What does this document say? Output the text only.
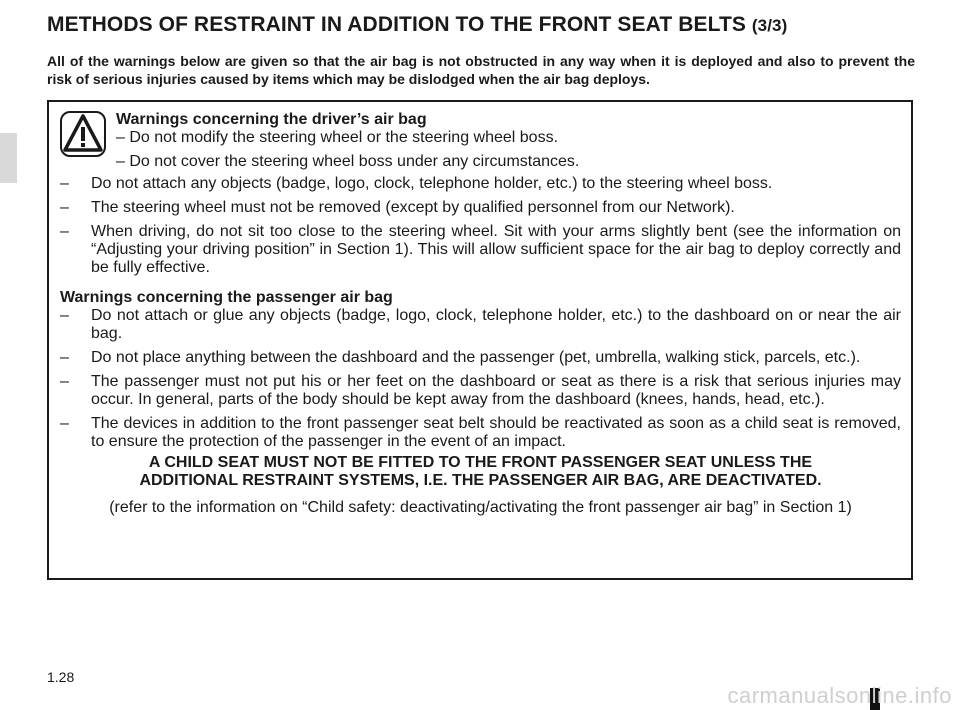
METHODS OF RESTRAINT IN ADDITION TO THE FRONT SEAT BELTS (3/3)

All of the warnings below are given so that the air bag is not obstructed in any way when it is deployed and also to prevent the risk of serious injuries caused by items which may be dislodged when the air bag deploys.

Warnings concerning the driver’s air bag

– Do not modify the steering wheel or the steering wheel boss.

– Do not cover the steering wheel boss under any circumstances.

– Do not attach any objects (badge, logo, clock, telephone holder, etc.) to the steering wheel boss.

– The steering wheel must not be removed (except by qualified personnel from our Network).

– When driving, do not sit too close to the steering wheel. Sit with your arms slightly bent (see the information on “Adjusting your driving position” in Section 1). This will allow sufficient space for the air bag to deploy correctly and be fully effective.

Warnings concerning the passenger air bag

– Do not attach or glue any objects (badge, logo, clock, telephone holder, etc.) to the dashboard on or near the air bag.

– Do not place anything between the dashboard and the passenger (pet, umbrella, walking stick, parcels, etc.).

– The passenger must not put his or her feet on the dashboard or seat as there is a risk that serious injuries may occur. In general, parts of the body should be kept away from the dashboard (knees, hands, head, etc.).

– The devices in addition to the front passenger seat belt should be reactivated as soon as a child seat is removed, to ensure the protection of the passenger in the event of an impact.

A CHILD SEAT MUST NOT BE FITTED TO THE FRONT PASSENGER SEAT UNLESS THE
ADDITIONAL RESTRAINT SYSTEMS, I.E. THE PASSENGER AIR BAG, ARE DEACTIVATED.

(refer to the information on “Child safety: deactivating/activating the front passenger air bag” in Section 1)

1.28
carmanualsonline.info
